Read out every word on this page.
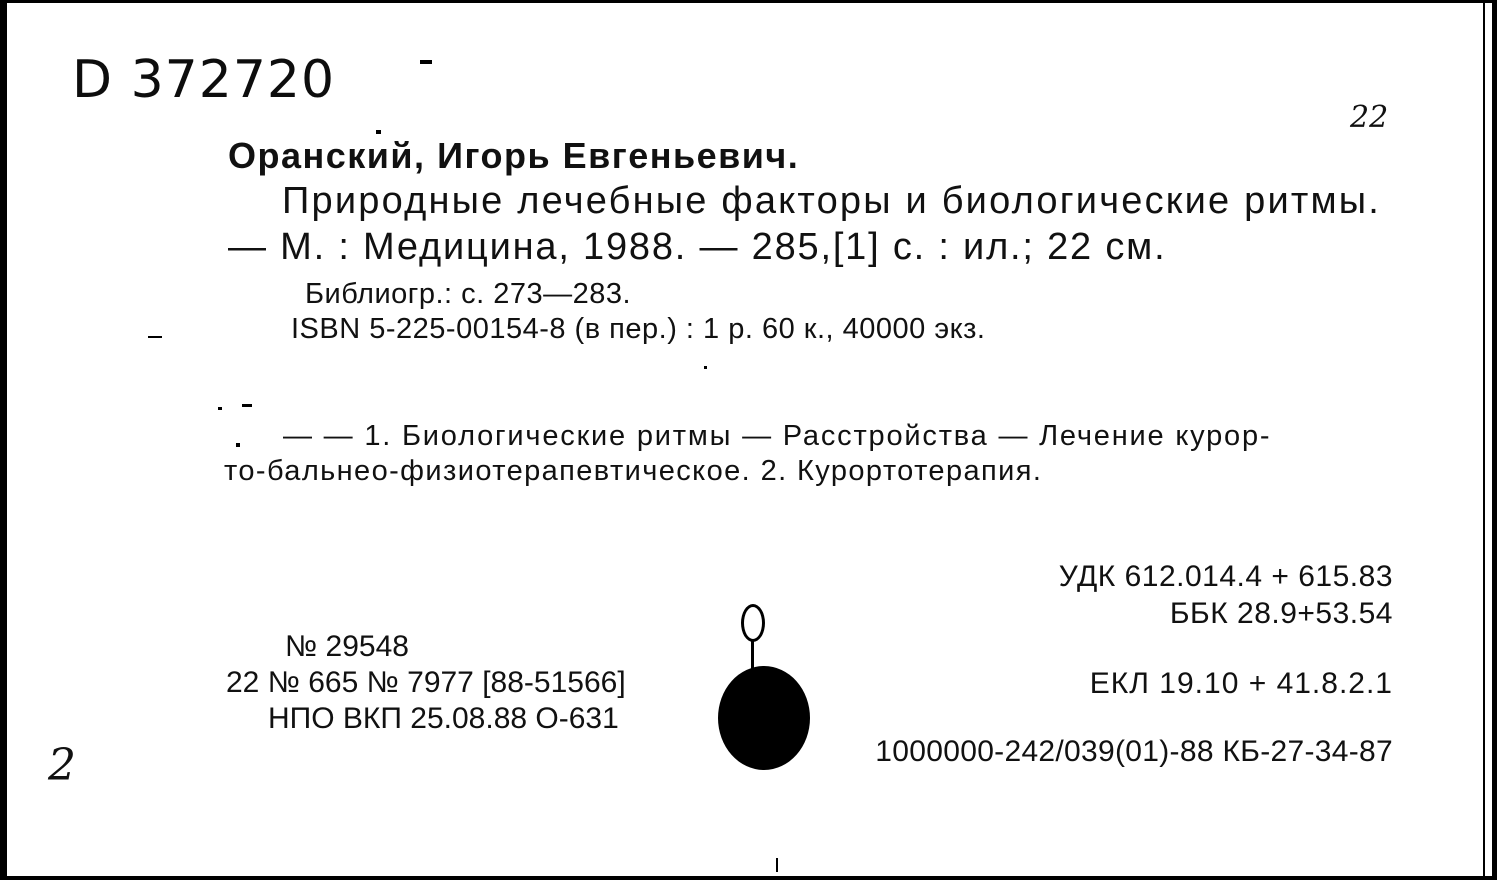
D 372720
22
Оранский, Игорь Евгеньевич.
Природные лечебные факторы и биологические ритмы.
— М. : Медицина, 1988. — 285,[1] с. : ил.; 22 см.
Библиогр.: с. 273—283.
ISBN 5-225-00154-8 (в пер.) : 1 р. 60 к., 40000 экз.
— — 1. Биологические ритмы — Расстройства — Лечение курор-
то-бальнео-физиотерапевтическое. 2. Курортотерапия.
УДК 612.014.4 + 615.83
ББК 28.9+53.54
ЕКЛ 19.10 + 41.8.2.1
1000000-242/039(01)-88 КБ-27-34-87
№ 29548
22 № 665 № 7977 [88-51566]
НПО ВКП 25.08.88 О-631
2
